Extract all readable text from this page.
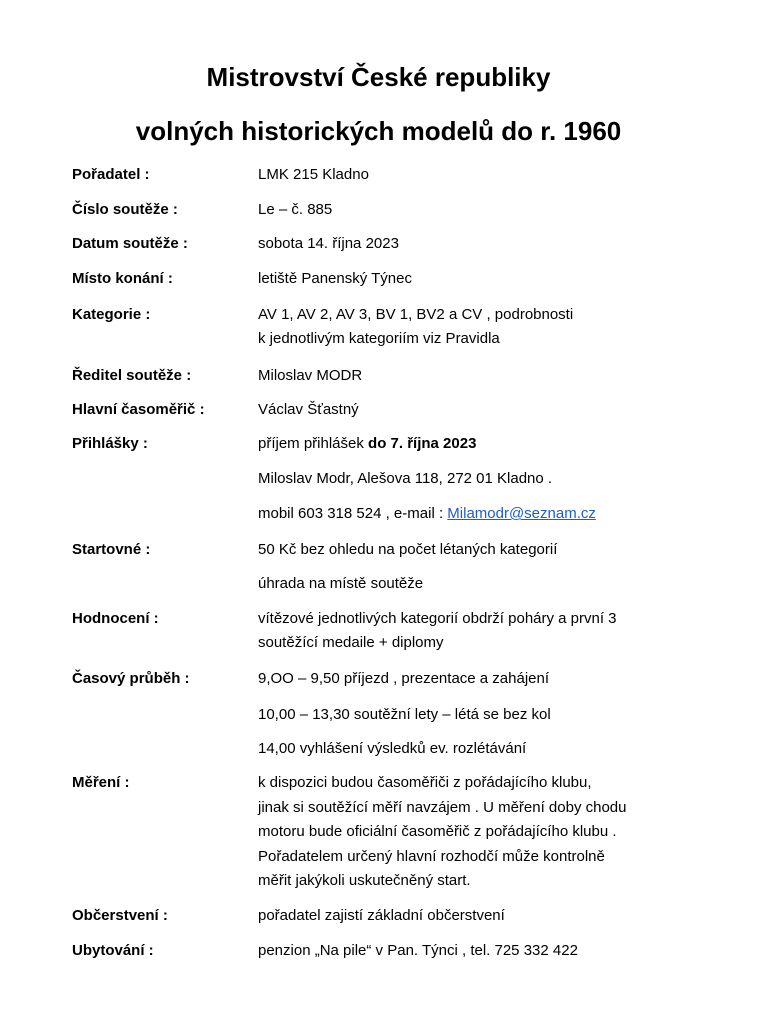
Mistrovství České republiky
volných historických modelů do r. 1960
Pořadatel :	LMK 215 Kladno
Číslo soutěže :	Le – č. 885
Datum soutěže :	sobota 14. října 2023
Místo konání :	letiště Panenský Týnec
Kategorie :	AV 1, AV 2, AV 3, BV 1, BV2 a CV , podrobnosti
k jednotlivým kategoriím viz Pravidla
Ředitel soutěže :	Miloslav MODR
Hlavní časoměřič :	Václav Šťastný
Přihlášky :	příjem přihlášek do 7. října 2023
Miloslav Modr, Alešova 118, 272 01 Kladno .
mobil 603 318 524 , e-mail : Milamodr@seznam.cz
Startovné :	50 Kč bez ohledu na počet létaných kategorií
úhrada na místě soutěže
Hodnocení :	vítězové jednotlivých kategorií obdrží poháry a první 3
soutěžící medaile + diplomy
Časový průběh :	9,OO – 9,50 příjezd , prezentace a zahájení
10,00 – 13,30 soutěžní lety – létá se bez kol
14,00 vyhlášení výsledků ev. rozlétávání
Měření :	k dispozici budou časoměřiči z pořádajícího klubu,
jinak si soutěžící měří navzájem . U měření doby chodu
motoru bude oficiální časoměřič z pořádajícího klubu .
Pořadatelem určený hlavní rozhodčí může kontrolně
měřit jakýkoli uskutečněný start.
Občerstvení :	pořadatel zajistí základní občerstvení
Ubytování :	penzion „Na pile“ v Pan. Týnci , tel. 725 332 422
